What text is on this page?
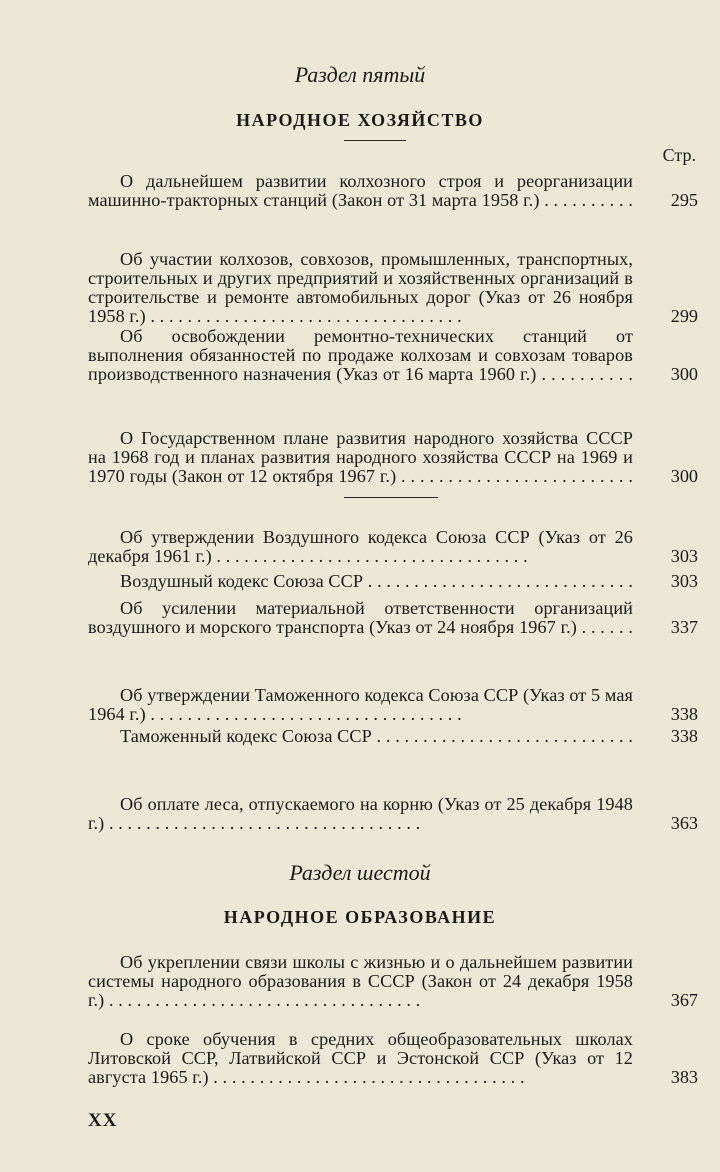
Раздел пятый
НАРОДНОЕ ХОЗЯЙСТВО
Стр.
О дальнейшем развитии колхозного строя и реорганизации машинно-тракторных станций (Закон от 31 марта 1958 г.) . . .	295
Об участии колхозов, совхозов, промышленных, транспортных, строительных и других предприятий и хозяйственных организаций в строительстве и ремонте автомобильных дорог (Указ от 26 ноября 1958 г.) . . .	299
Об освобождении ремонтно-технических станций от выполнения обязанностей по продаже колхозам и совхозам товаров производственного назначения (Указ от 16 марта 1960 г.) . . .	300
О Государственном плане развития народного хозяйства СССР на 1968 год и планах развития народного хозяйства СССР на 1969 и 1970 годы (Закон от 12 октября 1967 г.) . . .	300
Об утверждении Воздушного кодекса Союза ССР (Указ от 26 декабря 1961 г.) . . .	303
Воздушный кодекс Союза ССР . . .	303
Об усилении материальной ответственности организаций воздушного и морского транспорта (Указ от 24 ноября 1967 г.) . . .	337
Об утверждении Таможенного кодекса Союза ССР (Указ от 5 мая 1964 г.) . . .	338
Таможенный кодекс Союза ССР . . .	338
Об оплате леса, отпускаемого на корню (Указ от 25 декабря 1948 г.) . . .	363
Раздел шестой
НАРОДНОЕ ОБРАЗОВАНИЕ
Об укреплении связи школы с жизнью и о дальнейшем развитии системы народного образования в СССР (Закон от 24 декабря 1958 г.) . . .	367
О сроке обучения в средних общеобразовательных школах Литовской ССР, Латвийской ССР и Эстонской ССР (Указ от 12 августа 1965 г.) . . .	383
XX
